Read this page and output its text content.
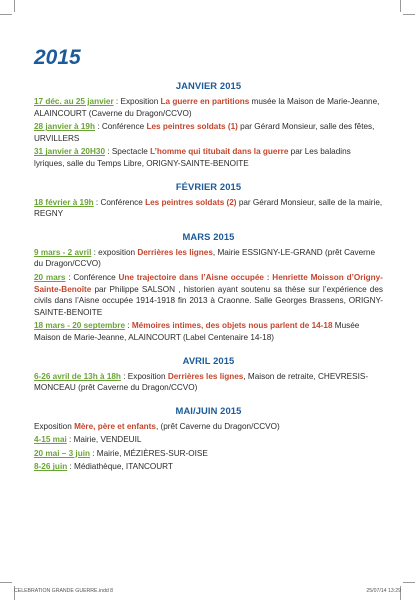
2015
JANVIER 2015

17 déc. au 25 janvier : Exposition La guerre en partitions musée la Maison de Marie-Jeanne, ALAINCOURT (Caverne du Dragon/CCVO)

28 janvier à 19h : Conférence Les peintres soldats (1) par Gérard Monsieur, salle des fêtes, URVILLERS

31 janvier à 20H30 : Spectacle L’homme qui titubait dans la guerre par Les baladins lyriques, salle du Temps Libre, ORIGNY-SAINTE-BENOITE

FÉVRIER 2015

18 février à 19h : Conférence Les peintres soldats (2) par Gérard Monsieur, salle de la mairie, REGNY

MARS 2015

9 mars - 2 avril : exposition Derrières les lignes, Mairie ESSIGNY-LE-GRAND (prêt Caverne du Dragon/CCVO)

20 mars : Conférence Une trajectoire dans l’Aisne occupée : Henriette Moisson d’Origny-Sainte-Benoîte par Philippe SALSON , historien ayant soutenu sa thèse sur l’expérience des civils dans l’Aisne occupée 1914-1918 fin 2013 à Craonne. Salle Georges Brassens, ORIGNY-SAINTE-BENOITE

18 mars - 20 septembre : Mémoires intimes, des objets nous parlent de 14-18 Musée Maison de Marie-Jeanne, ALAINCOURT (Label Centenaire 14-18)

AVRIL 2015

6-26 avril de 13h à 18h : Exposition Derrières les lignes, Maison de retraite, CHEVRESIS-MONCEAU (prêt Caverne du Dragon/CCVO)

MAI/JUIN 2015

Exposition Mère, père et enfants, (prêt Caverne du Dragon/CCVO)

4-15 mai : Mairie, VENDEUIL

20 mai – 3 juin : Mairie, MÉZIÈRES-SUR-OISE

8-26 juin : Médiathèque, ITANCOURT

CELEBRATION GRANDE GUERRE.indd 8	25/07/14 13:29
